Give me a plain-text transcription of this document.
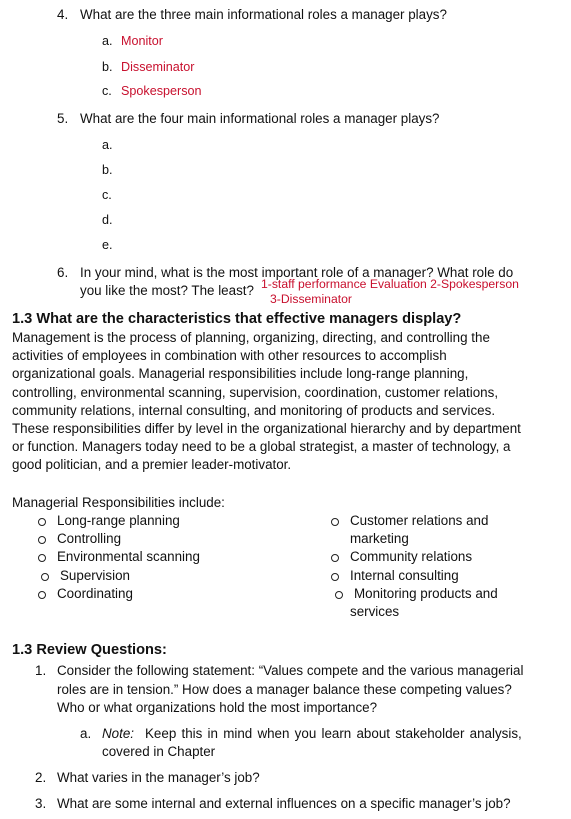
4. What are the three main informational roles a manager plays?
a. Monitor
b. Disseminator
c. Spokesperson
5. What are the four main informational roles a manager plays?
a.
b.
c.
d.
e.
6. In your mind, what is the most important role of a manager? What role do
you like the most? The least? 1-staff performance Evaluation 2-Spokesperson
3-Disseminator
1.3 What are the characteristics that effective managers display?
Management is the process of planning, organizing, directing, and controlling the
activities of employees in combination with other resources to accomplish
organizational goals. Managerial responsibilities include long-range planning,
controlling, environmental scanning, supervision, coordination, customer relations,
community relations, internal consulting, and monitoring of products and services.
These responsibilities differ by level in the organizational hierarchy and by department
or function. Managers today need to be a global strategist, a master of technology, a
good politician, and a premier leader-motivator.
Managerial Responsibilities include:
Long-range planning
Controlling
Environmental scanning
Supervision
Coordinating
Customer relations and
marketing
Community relations
Internal consulting
Monitoring products and
services
1.3 Review Questions:
1. Consider the following statement: “Values compete and the various managerial
roles are in tension.” How does a manager balance these competing values?
Who or what organizations hold the most importance?
a. Note: Keep this in mind when you learn about stakeholder analysis,
covered in Chapter
2. What varies in the manager’s job?
3. What are some internal and external influences on a specific manager’s job?
